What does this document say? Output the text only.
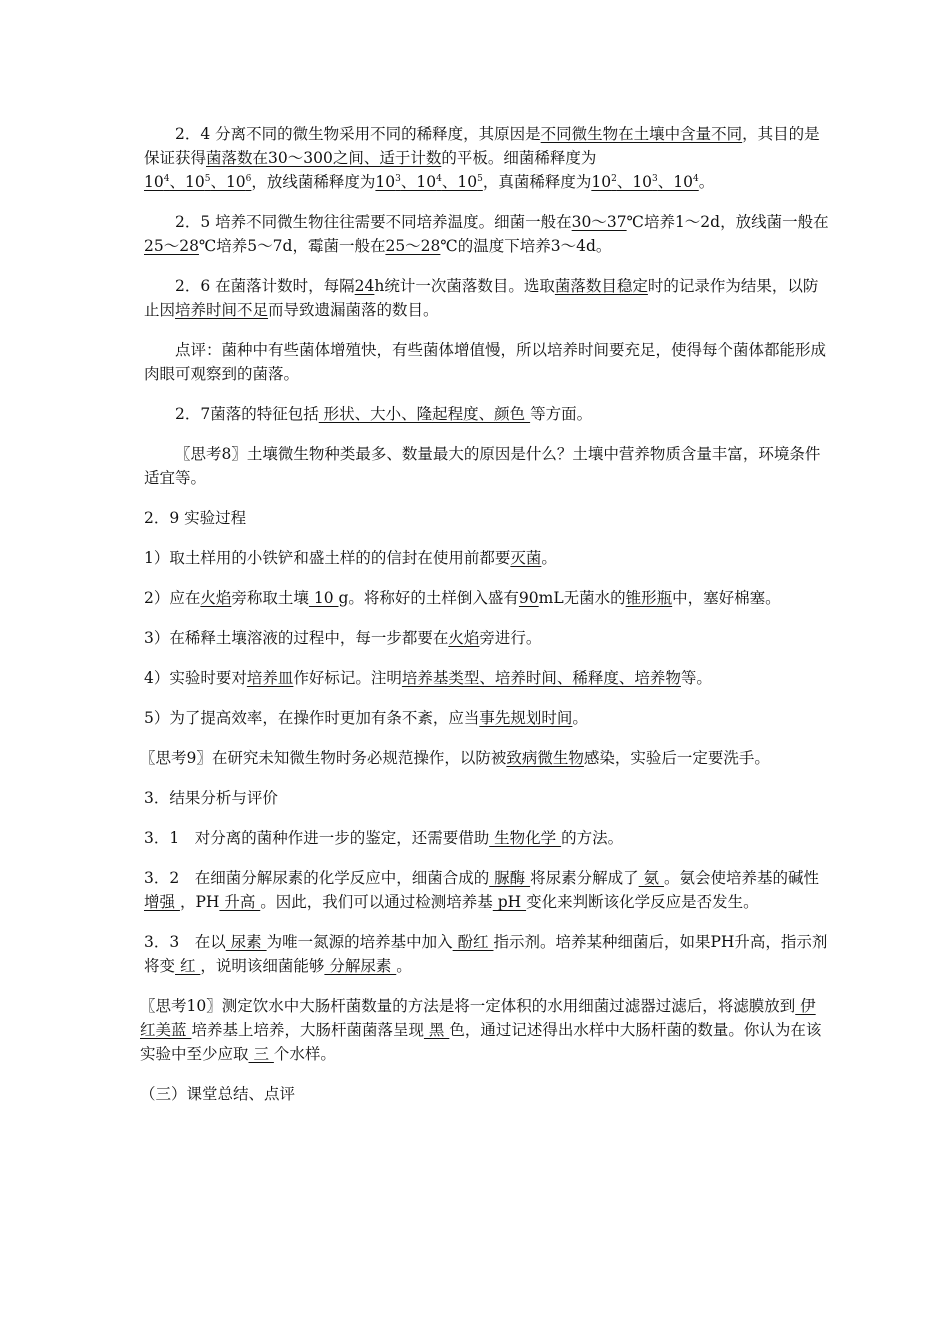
2．4 分离不同的微生物采用不同的稀释度，其原因是不同微生物在土壤中含量不同，其目的是保证获得菌落数在30～300之间、适于计数的平板。细菌稀释度为
$10^4$、$10^5$、$10^6$，放线菌稀释度为$10^3$、$10^4$、$10^5$，真菌稀释度为$10^2$、$10^3$、$10^4$。

2．5 培养不同微生物往往需要不同培养温度。细菌一般在30～37℃培养1～2d，放线菌一般在25～28℃培养5～7d，霉菌一般在25～28℃的温度下培养3～4d。

2．6 在菌落计数时，每隔24h统计一次菌落数目。选取菌落数目稳定时的记录作为结果，以防止因培养时间不足而导致遗漏菌落的数目。

点评：菌种中有些菌体增殖快，有些菌体增值慢，所以培养时间要充足，使得每个菌体都能形成肉眼可观察到的菌落。

2．7菌落的特征包括 形状、大小、隆起程度、颜色 等方面。

〖思考8〗土壤微生物种类最多、数量最大的原因是什么？土壤中营养物质含量丰富，环境条件适宜等。

2．9 实验过程

1）取土样用的小铁铲和盛土样的的信封在使用前都要灭菌。

2）应在火焰旁称取土壤 10 g。将称好的土样倒入盛有90mL无菌水的锥形瓶中，塞好棉塞。

3）在稀释土壤溶液的过程中，每一步都要在火焰旁进行。

4）实验时要对培养皿作好标记。注明培养基类型、培养时间、稀释度、培养物等。

5）为了提高效率，在操作时更加有条不紊，应当事先规划时间。

〖思考9〗在研究未知微生物时务必规范操作，以防被致病微生物感染，实验后一定要洗手。

3．结果分析与评价

3．1　对分离的菌种作进一步的鉴定，还需要借助 生物化学 的方法。

3．2　在细菌分解尿素的化学反应中，细菌合成的 脲酶 将尿素分解成了 氨 。氨会使培养基的碱性 增强 ，PH 升高 。因此，我们可以通过检测培养基 pH 变化来判断该化学反应是否发生。

3．3　在以 尿素 为唯一氮源的培养基中加入 酚红 指示剂。培养某种细菌后，如果PH升高，指示剂将变 红 ，说明该细菌能够 分解尿素 。

〖思考10〗测定饮水中大肠杆菌数量的方法是将一定体积的水用细菌过滤器过滤后，将滤膜放到 伊红美蓝 培养基上培养，大肠杆菌菌落呈现 黑 色，通过记述得出水样中大肠杆菌的数量。你认为在该实验中至少应取 三 个水样。

（三）课堂总结、点评
